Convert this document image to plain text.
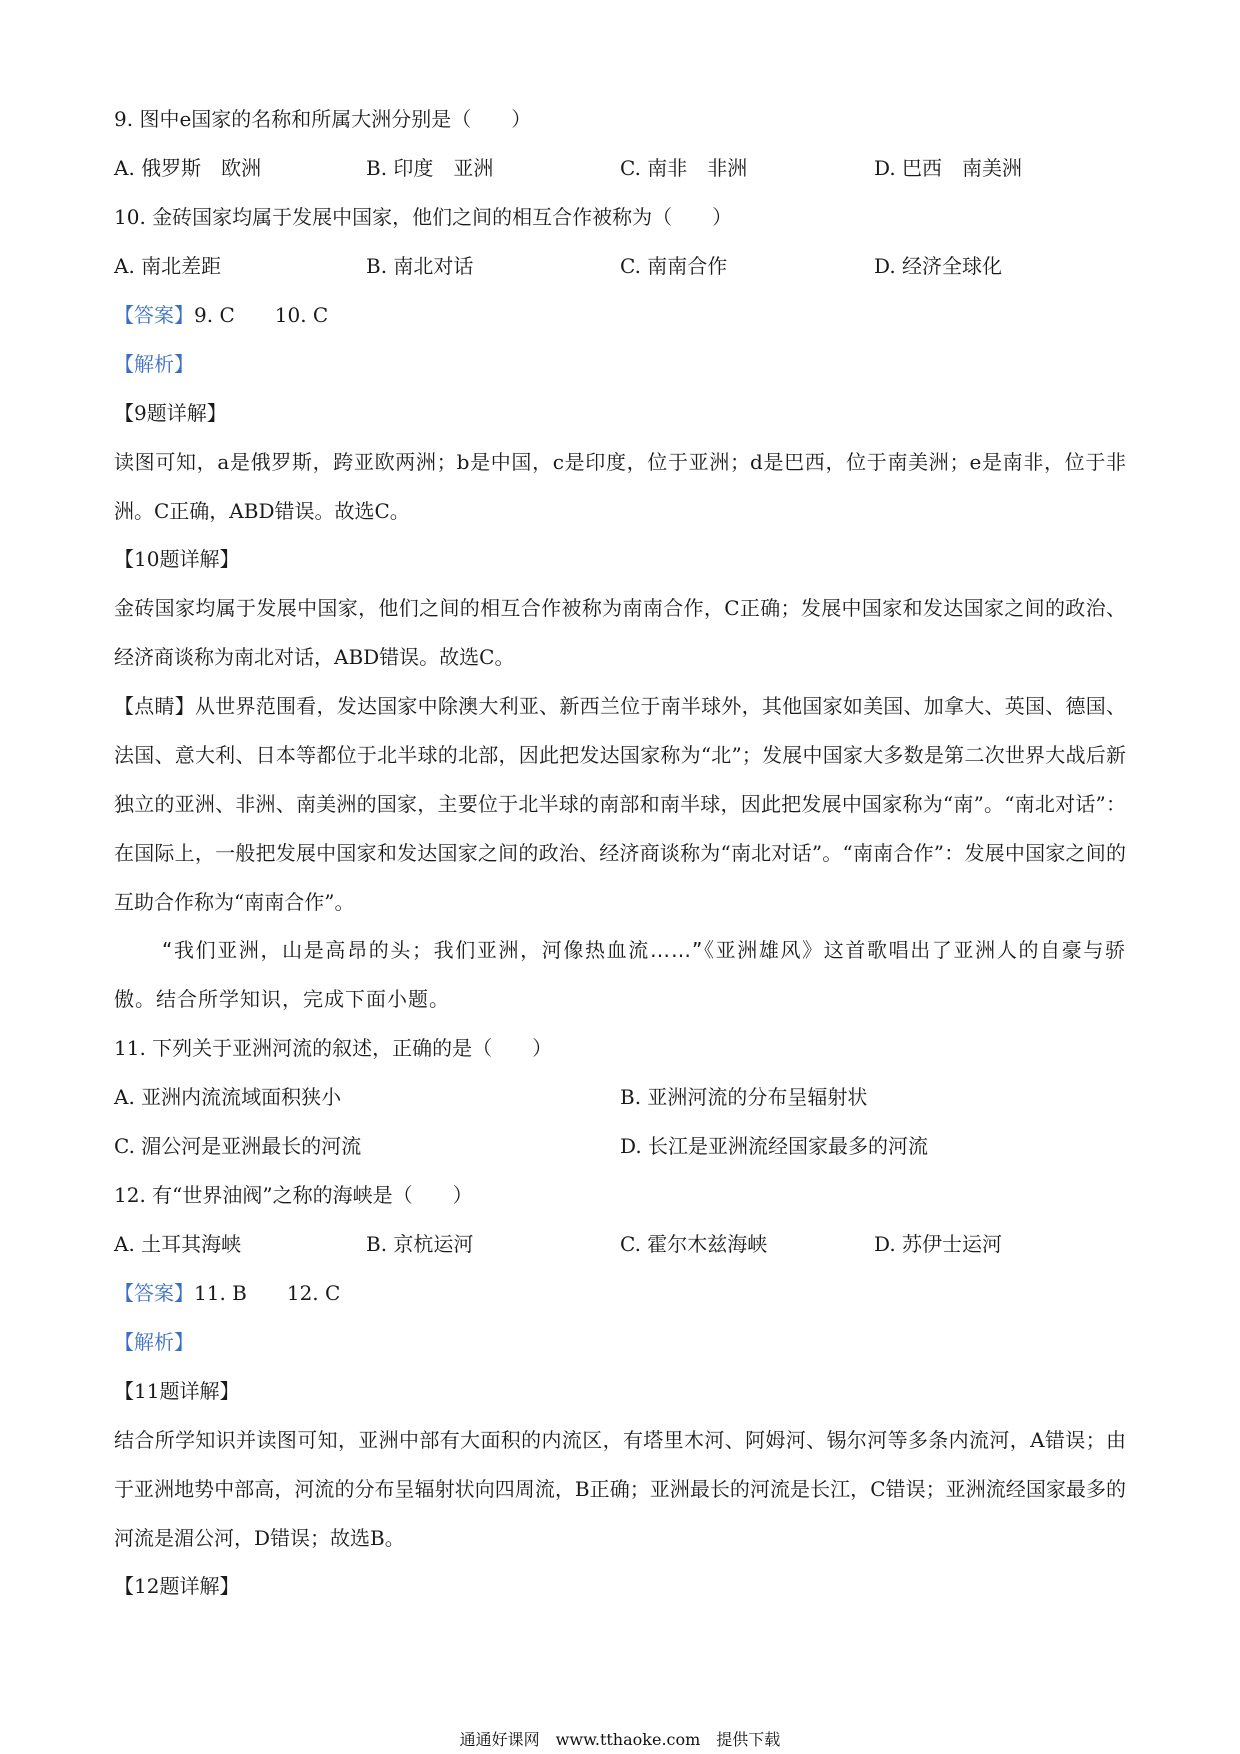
9. 图中e国家的名称和所属大洲分别是（　　）
A. 俄罗斯　欧洲	B. 印度　亚洲	C. 南非　非洲	D. 巴西　南美洲
10. 金砖国家均属于发展中国家，他们之间的相互合作被称为（　　）
A. 南北差距	B. 南北对话	C. 南南合作	D. 经济全球化
【答案】9. C　　10. C
【解析】
【9题详解】
读图可知，a是俄罗斯，跨亚欧两洲；b是中国，c是印度，位于亚洲；d是巴西，位于南美洲；e是南非，位于非洲。C正确，ABD错误。故选C。
【10题详解】
金砖国家均属于发展中国家，他们之间的相互合作被称为南南合作，C正确；发展中国家和发达国家之间的政治、经济商谈称为南北对话，ABD错误。故选C。
【点睛】从世界范围看，发达国家中除澳大利亚、新西兰位于南半球外，其他国家如美国、加拿大、英国、德国、法国、意大利、日本等都位于北半球的北部，因此把发达国家称为“北”；发展中国家大多数是第二次世界大战后新独立的亚洲、非洲、南美洲的国家，主要位于北半球的南部和南半球，因此把发展中国家称为“南”。“南北对话”：在国际上，一般把发展中国家和发达国家之间的政治、经济商谈称为“南北对话”。“南南合作”：发展中国家之间的互助合作称为“南南合作”。
“我们亚洲，山是高昂的头；我们亚洲，河像热血流……”《亚洲雄风》这首歌唱出了亚洲人的自豪与骄傲。结合所学知识，完成下面小题。
11. 下列关于亚洲河流的叙述，正确的是（　　）
A. 亚洲内流流域面积狭小	B. 亚洲河流的分布呈辐射状
C. 湄公河是亚洲最长的河流	D. 长江是亚洲流经国家最多的河流
12. 有“世界油阀”之称的海峡是（　　）
A. 土耳其海峡	B. 京杭运河	C. 霍尔木兹海峡	D. 苏伊士运河
【答案】11. B　　12. C
【解析】
【11题详解】
结合所学知识并读图可知，亚洲中部有大面积的内流区，有塔里木河、阿姆河、锡尔河等多条内流河，A错误；由于亚洲地势中部高，河流的分布呈辐射状向四周流，B正确；亚洲最长的河流是长江，C错误；亚洲流经国家最多的河流是湄公河，D错误；故选B。
【12题详解】
通通好课网　www.tthaoke.com　提供下载
